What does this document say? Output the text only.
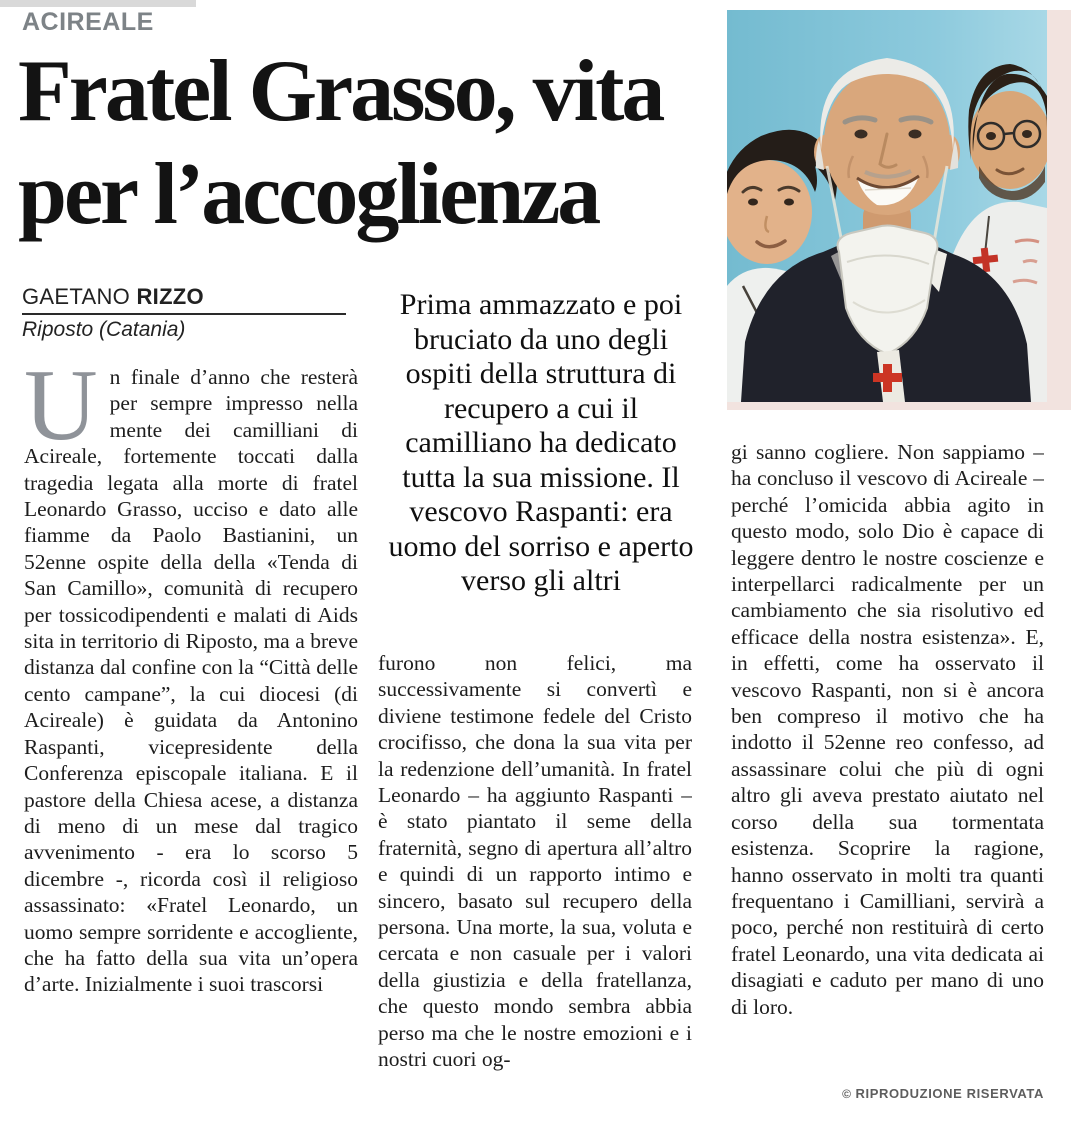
ACIREALE
Fratel Grasso, vita
per l’accoglienza
GAETANO RIZZO
Riposto (Catania)
Prima ammazzato e poi bruciato da uno degli ospiti della struttura di recupero a cui il camilliano ha dedicato tutta la sua missione. Il vescovo Raspanti: era uomo del sorriso e aperto verso gli altri

Un finale d’anno che resterà per sempre impresso nella mente dei camilliani di Acireale, fortemente toccati dalla tragedia legata alla morte di fratel Leonardo Grasso, ucciso e dato alle fiamme da Paolo Bastianini, un 52enne ospite della della «Tenda di San Camillo», comunità di recupero per tossicodipendenti e malati di Aids sita in territorio di Riposto, ma a breve distanza dal confine con la “Città delle cento campane”, la cui diocesi (di Acireale) è guidata da Antonino Raspanti, vicepresidente della Conferenza episcopale italiana. E il pastore della Chiesa acese, a distanza di meno di un mese dal tragico avvenimento - era lo scorso 5 dicembre -, ricorda così il religioso assassinato: «Fratel Leonardo, un uomo sempre sorridente e accogliente, che ha fatto della sua vita un’opera d’arte. Inizialmente i suoi trascorsi

furono non felici, ma successivamente si convertì e diviene testimone fedele del Cristo crocifisso, che dona la sua vita per la redenzione dell’umanità. In fratel Leonardo – ha aggiunto Raspanti – è stato piantato il seme della fraternità, segno di apertura all’altro e quindi di un rapporto intimo e sincero, basato sul recupero della persona. Una morte, la sua, voluta e cercata e non casuale per i valori della giustizia e della fratellanza, che questo mondo sembra abbia perso ma che le nostre emozioni e i nostri cuori og-

gi sanno cogliere. Non sappiamo – ha concluso il vescovo di Acireale – perché l’omicida abbia agito in questo modo, solo Dio è capace di leggere dentro le nostre coscienze e interpellarci radicalmente per un cambiamento che sia risolutivo ed efficace della nostra esistenza». E, in effetti, come ha osservato il vescovo Raspanti, non si è ancora ben compreso il motivo che ha indotto il 52enne reo confesso, ad assassinare colui che più di ogni altro gli aveva prestato aiutato nel corso della sua tormentata esistenza. Scoprire la ragione, hanno osservato in molti tra quanti frequentano i Camilliani, servirà a poco, perché non restituirà di certo fratel Leonardo, una vita dedicata ai disagiati e caduto per mano di uno di loro.

© RIPRODUZIONE RISERVATA
